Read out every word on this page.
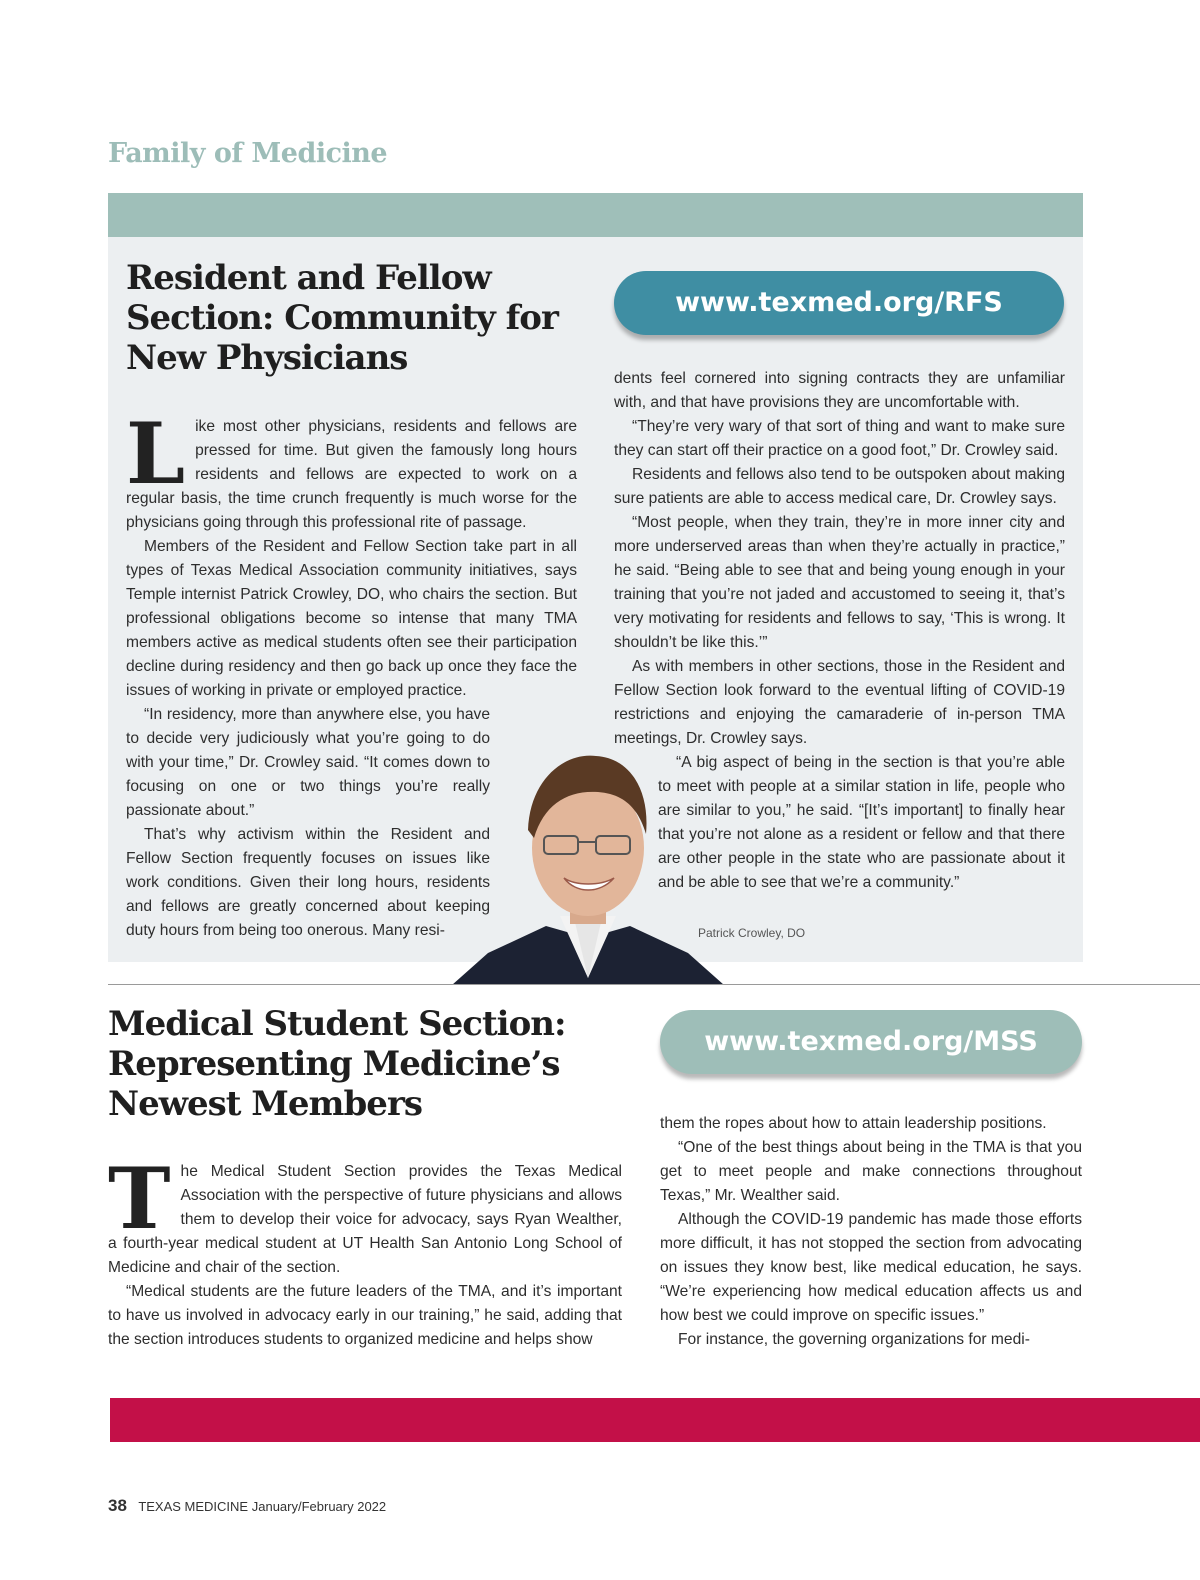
Family of Medicine
Resident and Fellow Section: Community for New Physicians
www.texmed.org/RFS

Like most other physicians, residents and fellows are pressed for time. But given the famously long hours residents and fellows are expected to work on a regular basis, the time crunch frequently is much worse for the physicians going through this professional rite of passage.

Members of the Resident and Fellow Section take part in all types of Texas Medical Association community initiatives, says Temple internist Patrick Crowley, DO, who chairs the section. But professional obligations become so intense that many TMA members active as medical students often see their participation decline during residency and then go back up once they face the issues of working in private or employed practice.

“In residency, more than anywhere else, you have to decide very judiciously what you’re going to do with your time,” Dr. Crowley said. “It comes down to focusing on one or two things you’re really passionate about.”

That’s why activism within the Resident and Fellow Section frequently focuses on issues like work conditions. Given their long hours, residents and fellows are greatly concerned about keeping duty hours from being too onerous. Many resi-

dents feel cornered into signing contracts they are unfamiliar with, and that have provisions they are uncomfortable with.

“They’re very wary of that sort of thing and want to make sure they can start off their practice on a good foot,” Dr. Crowley said.

Residents and fellows also tend to be outspoken about making sure patients are able to access medical care, Dr. Crowley says.

“Most people, when they train, they’re in more inner city and more underserved areas than when they’re actually in practice,” he said. “Being able to see that and being young enough in your training that you’re not jaded and accustomed to seeing it, that’s very motivating for residents and fellows to say, ‘This is wrong. It shouldn’t be like this.’”

As with members in other sections, those in the Resident and Fellow Section look forward to the eventual lifting of COVID-19 restrictions and enjoying the camaraderie of in-person TMA meetings, Dr. Crowley says.

“A big aspect of being in the section is that you’re able to meet with people at a similar station in life, people who are similar to you,” he said. “[It’s important] to finally hear that you’re not alone as a resident or fellow and that there are other people in the state who are passionate about it and be able to see that we’re a community.”

Patrick Crowley, DO
Medical Student Section: Representing Medicine’s Newest Members
www.texmed.org/MSS

The Medical Student Section provides the Texas Medical Association with the perspective of future physicians and allows them to develop their voice for advocacy, says Ryan Wealther, a fourth-year medical student at UT Health San Antonio Long School of Medicine and chair of the section.

“Medical students are the future leaders of the TMA, and it’s important to have us involved in advocacy early in our training,” he said, adding that the section introduces students to organized medicine and helps show

them the ropes about how to attain leadership positions.

“One of the best things about being in the TMA is that you get to meet people and make connections throughout Texas,” Mr. Wealther said.

Although the COVID-19 pandemic has made those efforts more difficult, it has not stopped the section from advocating on issues they know best, like medical education, he says. “We’re experiencing how medical education affects us and how best we could improve on specific issues.”

For instance, the governing organizations for medi-

38 TEXAS MEDICINE January/February 2022
